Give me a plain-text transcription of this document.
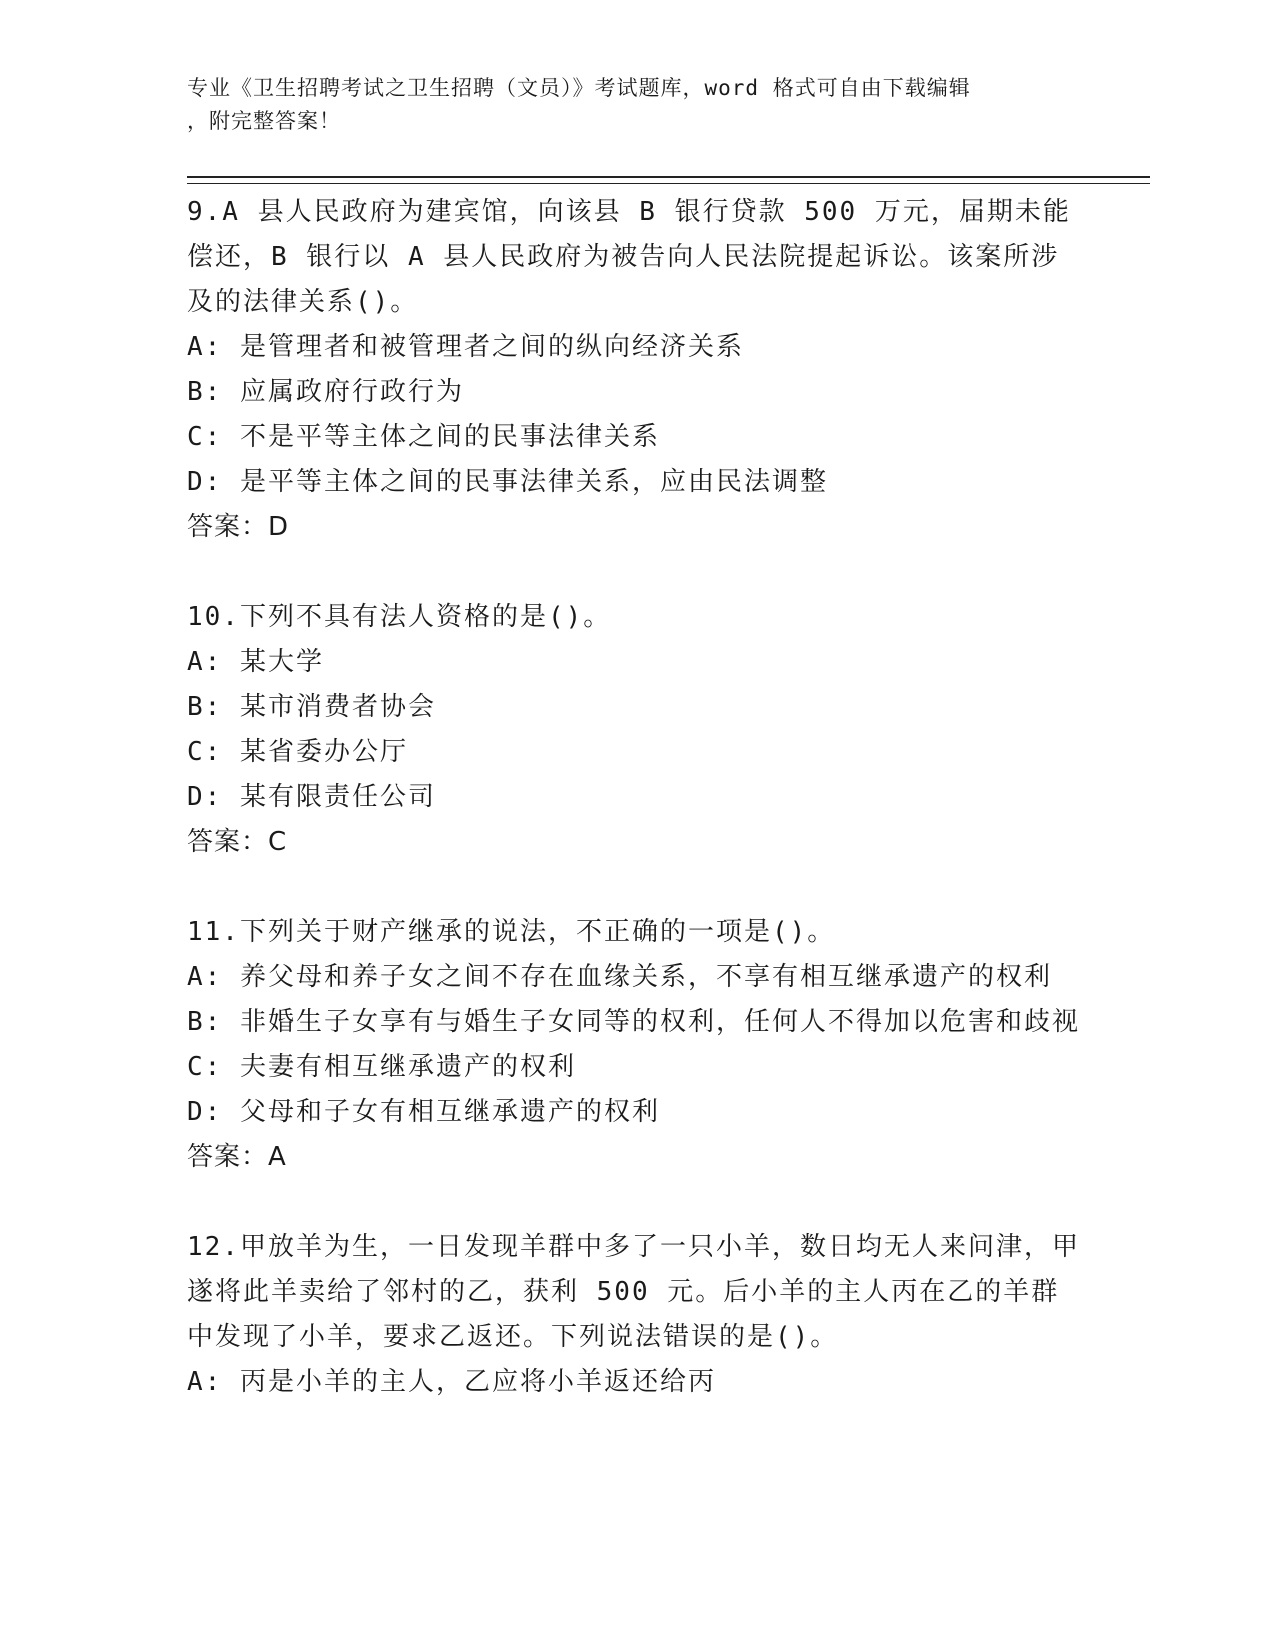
专业《卫生招聘考试之卫生招聘（文员）》考试题库，word 格式可自由下载编辑
，附完整答案！
9.A 县人民政府为建宾馆，向该县 B 银行贷款 500 万元，届期未能偿还，B 银行以 A 县人民政府为被告向人民法院提起诉讼。该案所涉及的法律关系()。
A: 是管理者和被管理者之间的纵向经济关系
B: 应属政府行政行为
C: 不是平等主体之间的民事法律关系
D: 是平等主体之间的民事法律关系，应由民法调整
答案：D
10.下列不具有法人资格的是()。
A: 某大学
B: 某市消费者协会
C: 某省委办公厅
D: 某有限责任公司
答案：C
11.下列关于财产继承的说法，不正确的一项是()。
A: 养父母和养子女之间不存在血缘关系，不享有相互继承遗产的权利
B: 非婚生子女享有与婚生子女同等的权利，任何人不得加以危害和歧视
C: 夫妻有相互继承遗产的权利
D: 父母和子女有相互继承遗产的权利
答案：A
12.甲放羊为生，一日发现羊群中多了一只小羊，数日均无人来问津，甲遂将此羊卖给了邻村的乙，获利 500 元。后小羊的主人丙在乙的羊群中发现了小羊，要求乙返还。下列说法错误的是()。
A: 丙是小羊的主人，乙应将小羊返还给丙
